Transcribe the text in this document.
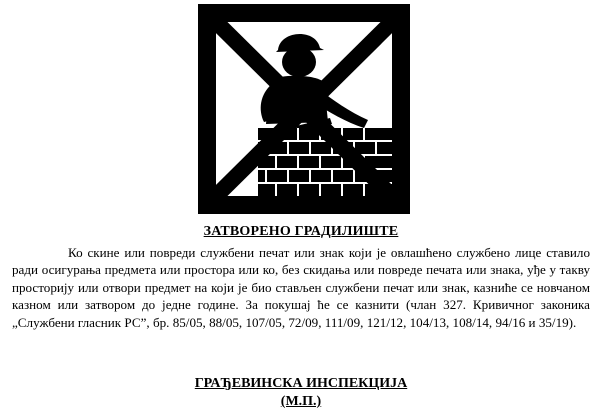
ЗАТВОРЕНО ГРАДИЛИШТЕ
Ко скине или повреди службени печат или знак који је овлашћено службено лице ставило ради осигурања предмета или простора или ко, без скидања или повреде печата или знака, уђе у такву просторију или отвори предмет на који је био стављен службени печат или знак, казниће се новчаном казном или затвором до једне године. За покушај ће се казнити (члан 327. Кривичног законика „Службени гласник РС”, бр. 85/05, 88/05, 107/05, 72/09, 111/09, 121/12, 104/13, 108/14, 94/16 и 35/19).
ГРАЂЕВИНСКА ИНСПЕКЦИЈА
(М.П.)
